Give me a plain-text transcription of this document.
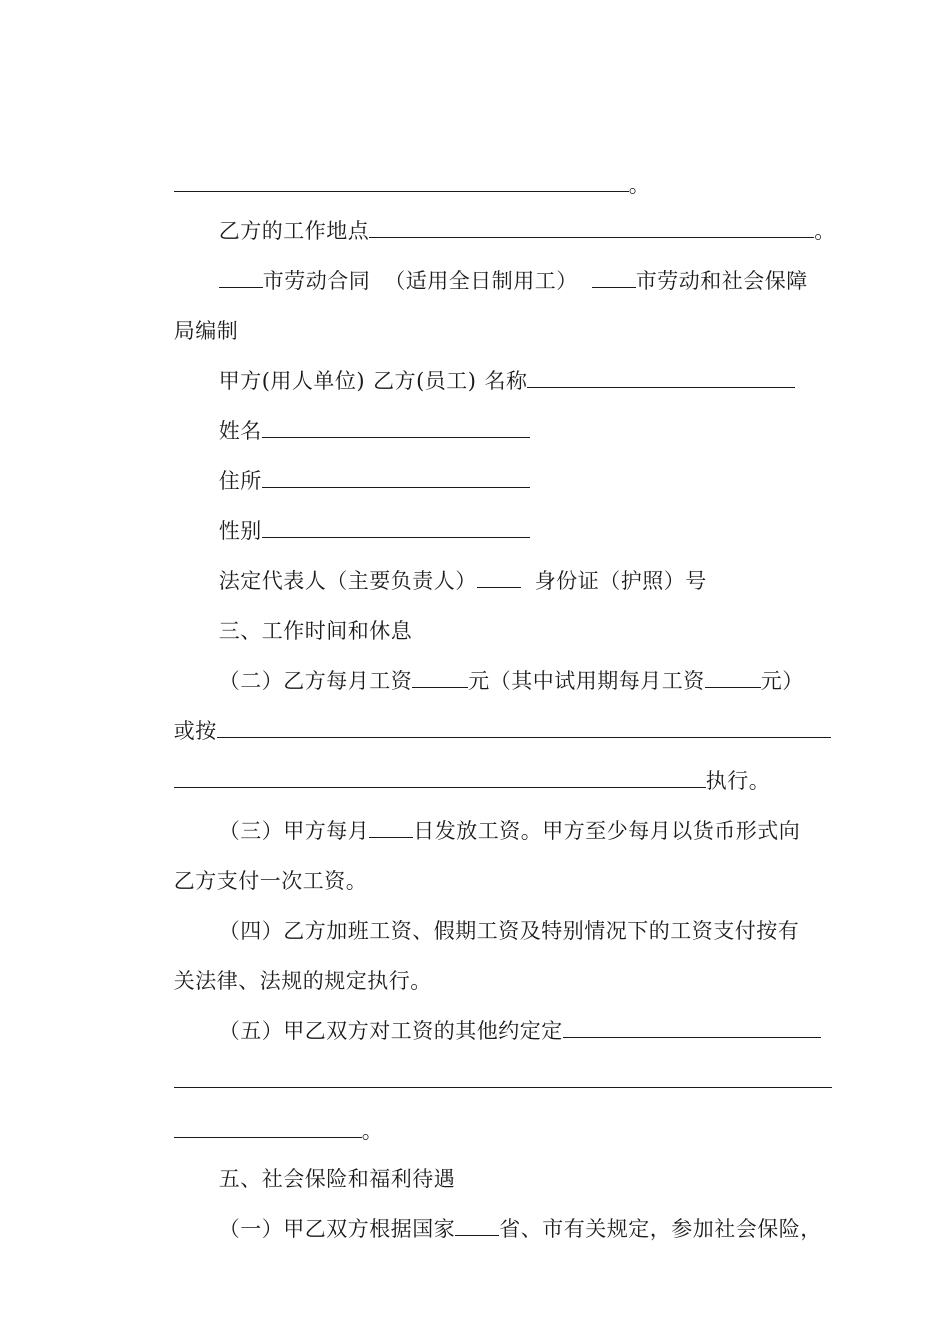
。

乙方的工作地点	。

市劳动合同 （适用全日制用工）	市劳动和社会保障

局编制

甲方(用人单位) 乙方(员工) 名称

姓名

住所

性别

法定代表人（主要负责人）	身份证（护照）号

三、工作时间和休息

（二）乙方每月工资	元（其中试用期每月工资	元）

或按

执行。

（三）甲方每月 日发放工资。甲方至少每月以货币形式向

乙方支付一次工资。

（四）乙方加班工资、假期工资及特别情况下的工资支付按有

关法律、法规的规定执行。

（五）甲乙双方对工资的其他约定定

。

五、社会保险和福利待遇

（一）甲乙双方根据国家 省、市有关规定，参加社会保险，
